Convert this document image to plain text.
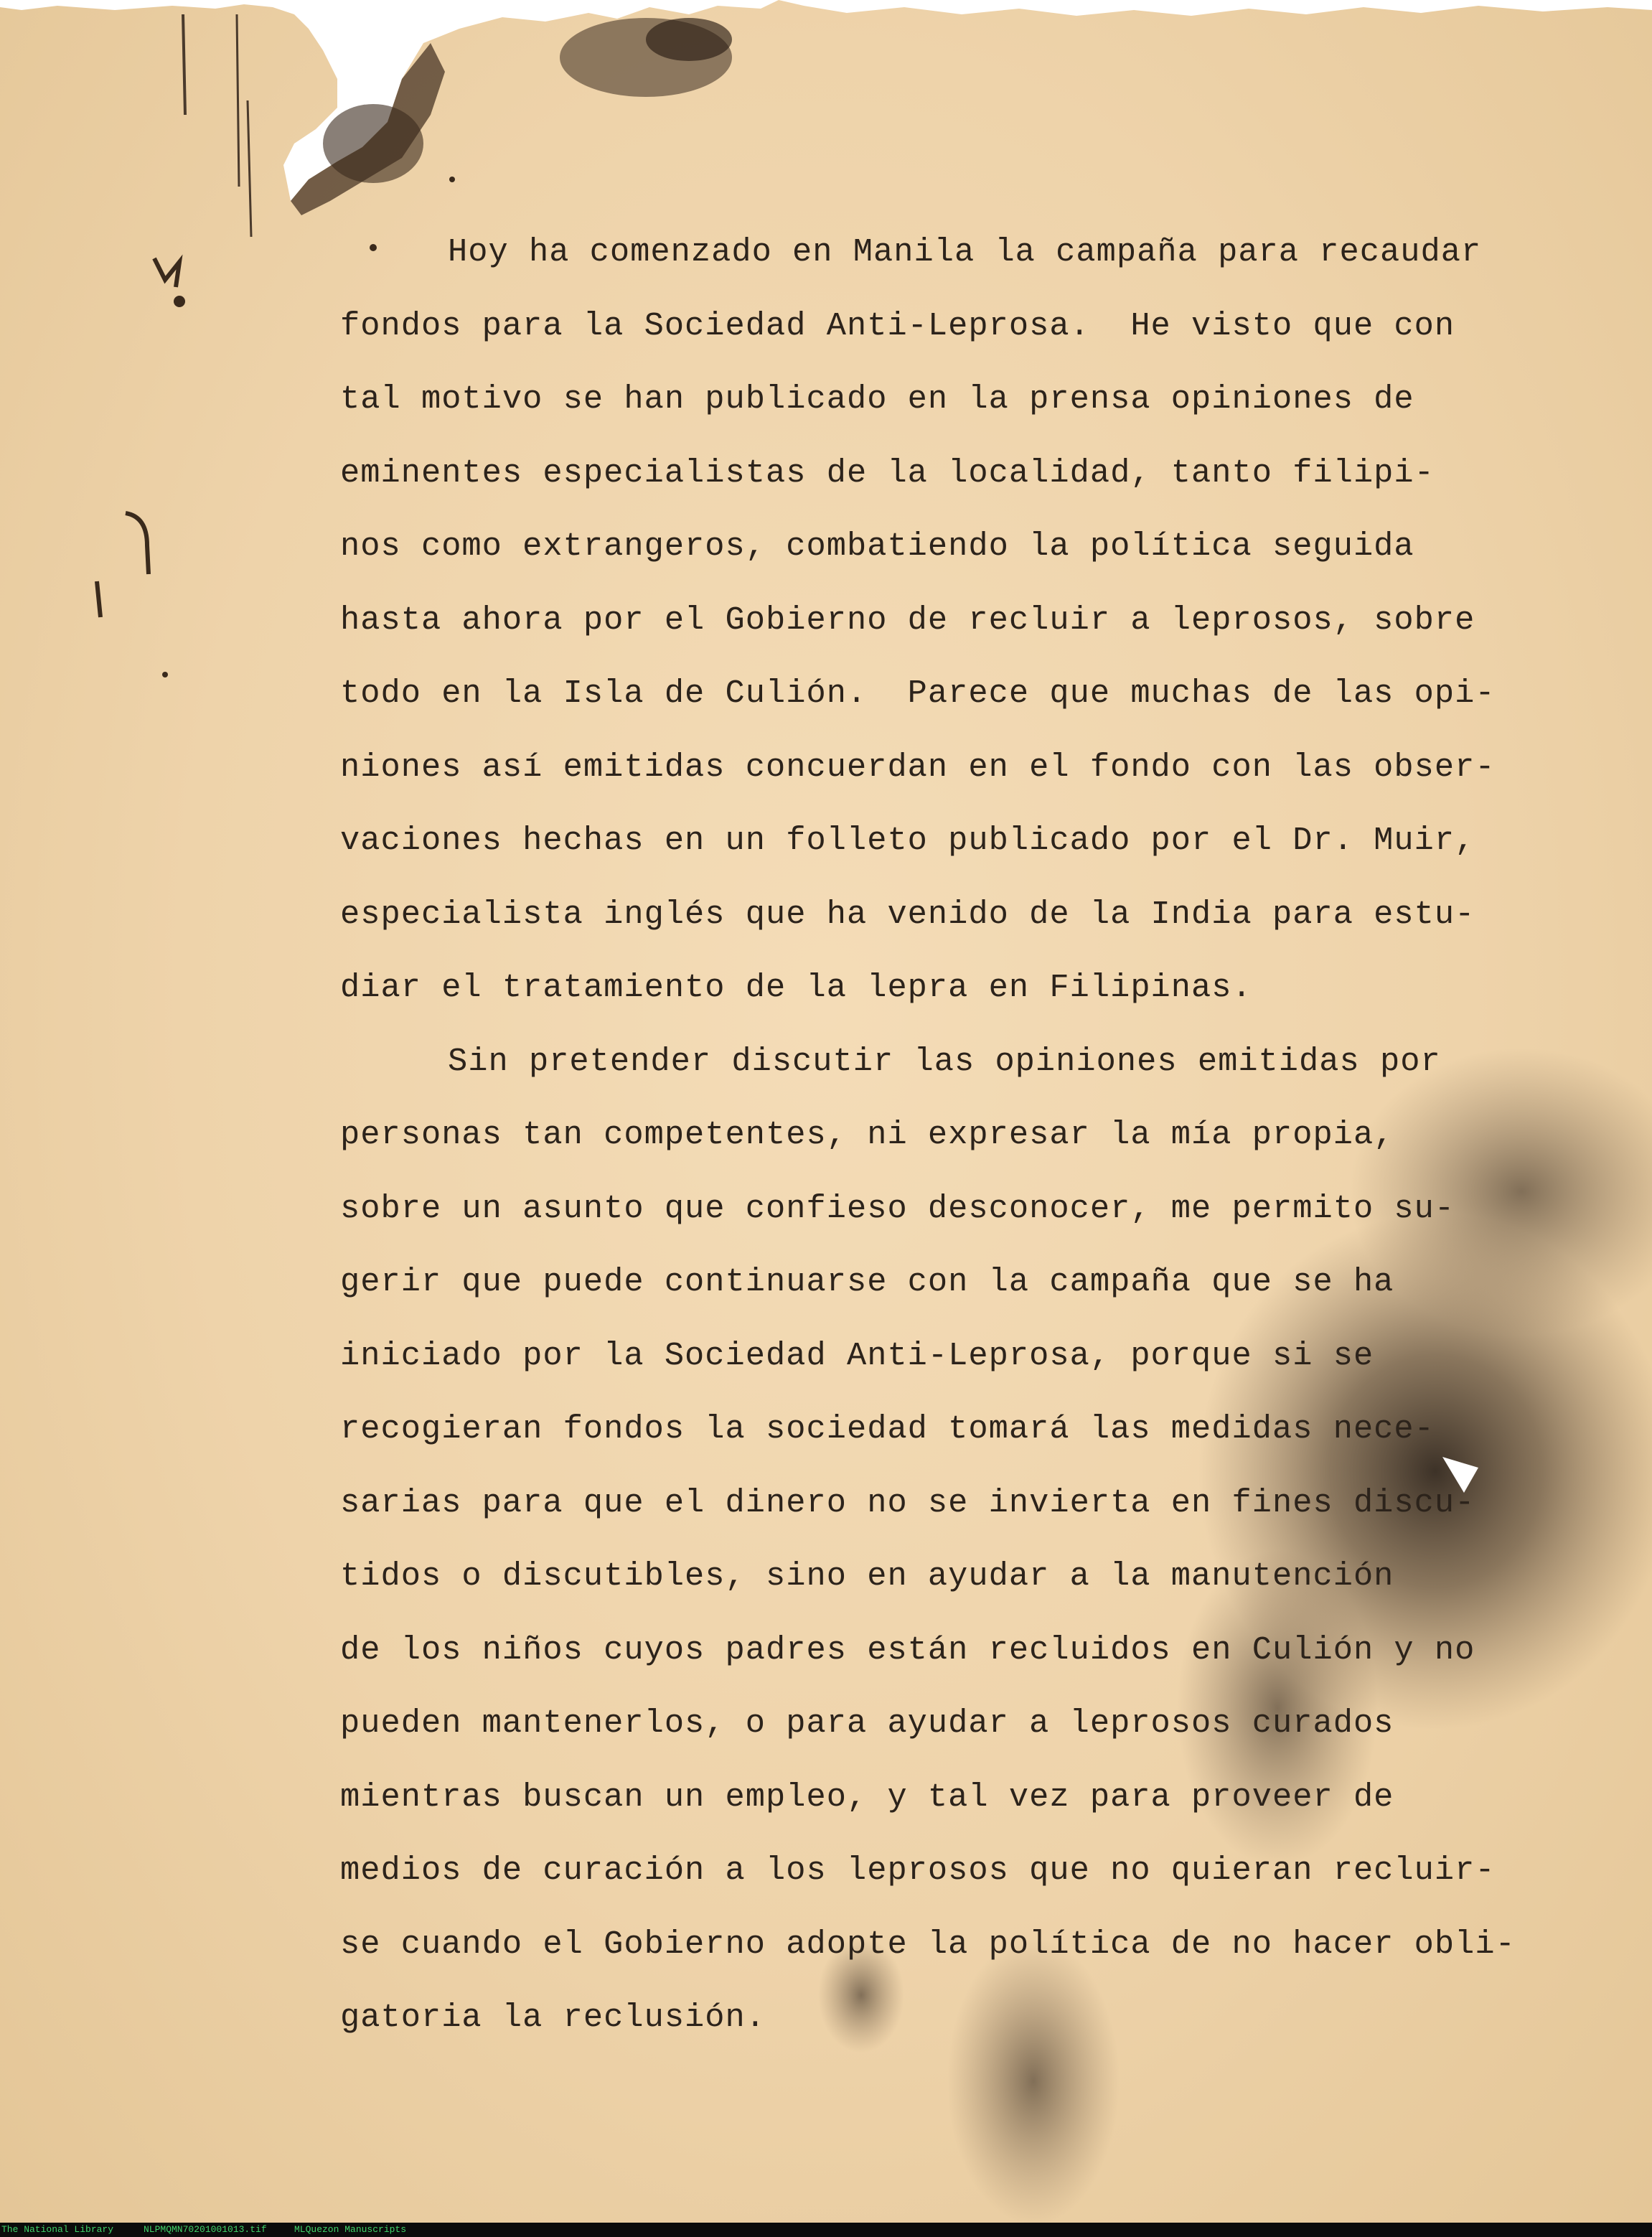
Hoy ha comenzado en Manila la campaña para recaudar
fondos para la Sociedad Anti-Leprosa.  He visto que con
tal motivo se han publicado en la prensa opiniones de
eminentes especialistas de la localidad, tanto filipi-
nos como extrangeros, combatiendo la política seguida
hasta ahora por el Gobierno de recluir a leprosos, sobre
todo en la Isla de Culión.  Parece que muchas de las opi-
niones así emitidas concuerdan en el fondo con las obser-
vaciones hechas en un folleto publicado por el Dr. Muir,
especialista inglés que ha venido de la India para estu-
diar el tratamiento de la lepra en Filipinas.
Sin pretender discutir las opiniones emitidas por
personas tan competentes, ni expresar la mía propia,
sobre un asunto que confieso desconocer, me permito su-
gerir que puede continuarse con la campaña que se ha
iniciado por la Sociedad Anti-Leprosa, porque si se
recogieran fondos la sociedad tomará las medidas nece-
sarias para que el dinero no se invierta en fines discu-
tidos o discutibles, sino en ayudar a la manutención
de los niños cuyos padres están recluidos en Culión y no
pueden mantenerlos, o para ayudar a leprosos curados
mientras buscan un empleo, y tal vez para proveer de
medios de curación a los leprosos que no quieran recluir-
se cuando el Gobierno adopte la política de no hacer obli-
gatoria la reclusión.

The National Library

	NLPMQMN70201001013.tif

	MLQuezon Manuscripts
